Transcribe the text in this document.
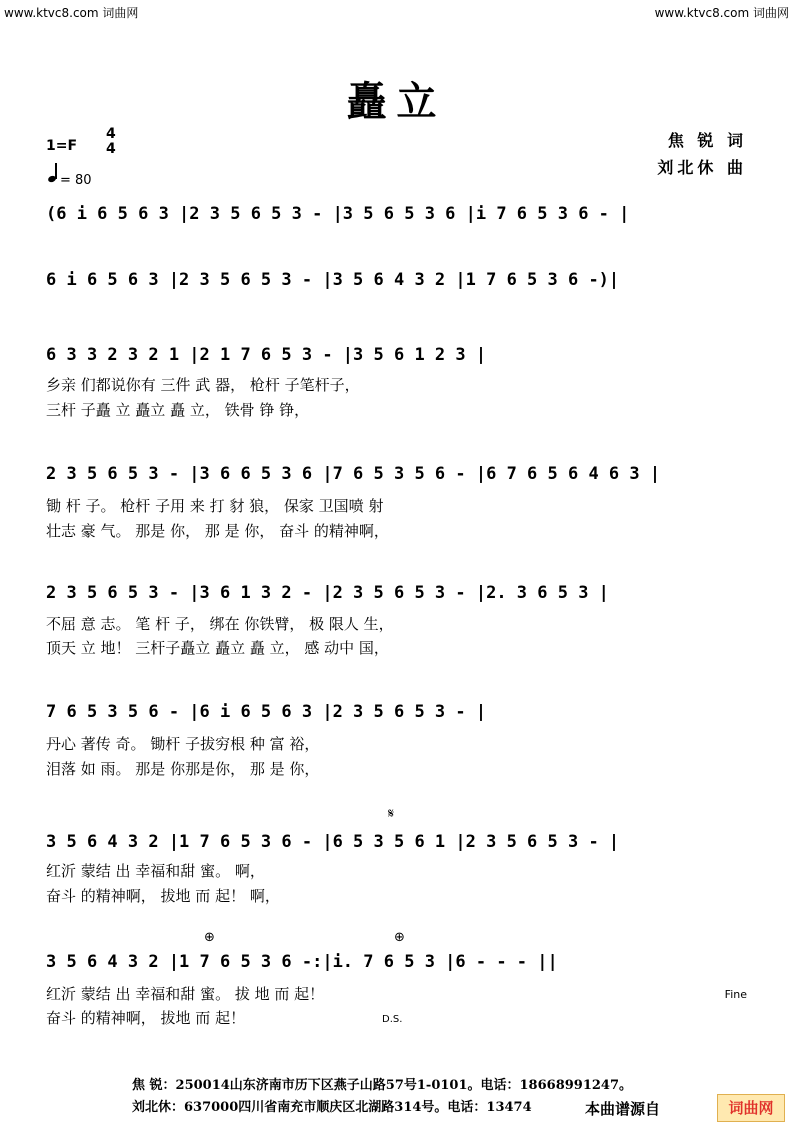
www.ktvc8.com 词曲网	www.ktvc8.com 词曲网
矗立
1=F
4
4
= 80
焦 锐 词
刘北休 曲
(6 i 6 5 6 3 |2 3 5 6 5 3 - |3 5 6 5 3 6 |i 7 6 5 3 6 - |
6 i 6 5 6 3 |2 3 5 6 5 3 - |3 5 6 4 3 2 |1 7 6 5 3 6 -)|
6 3 3 2 3 2 1 |2 1 7 6 5 3 - |3 5 6 1 2 3 |
乡亲 们都说你有 三件 武 器， 枪杆 子笔杆子，
三杆 子矗 立 矗立 矗 立， 铁骨 铮 铮，
2 3 5 6 5 3 - |3 6 6 5 3 6 |7 6 5 3 5 6 - |6 7 6 5 6 4 6 3 |
锄 杆 子。 枪杆 子用 来 打 豺 狼， 保家 卫国喷 射
壮志 豪 气。 那是 你， 那 是 你， 奋斗 的精神啊，
2 3 5 6 5 3 - |3 6 1 3 2 - |2 3 5 6 5 3 - |2. 3 6 5 3 |
不屈 意 志。 笔 杆 子， 绑在 你铁臂， 极 限人 生，
顶天 立 地！ 三杆子矗立 矗立 矗 立， 感 动中 国，
7 6 5 3 5 6 - |6 i 6 5 6 3 |2 3 5 6 5 3 - |
丹心 著传 奇。 锄杆 子拔穷根 种 富 裕，
泪落 如 雨。 那是 你那是你， 那 是 你，
𝄋
3 5 6 4 3 2 |1 7 6 5 3 6 - |6 5 3 5 6 1 |2 3 5 6 5 3 - |
红沂 蒙结 出 幸福和甜 蜜。 啊，
奋斗 的精神啊， 拔地 而 起！ 啊，
⊕	⊕
3 5 6 4 3 2 |1 7 6 5 3 6 -:|i. 7 6 5 3 |6 - - - ||
红沂 蒙结 出 幸福和甜 蜜。 拔 地 而 起！
奋斗 的精神啊， 拔地 而 起！
Fine
D.S.
焦 锐：250014山东济南市历下区燕子山路57号1-0101。电话：18668991247。
刘北休：637000四川省南充市顺庆区北湖路314号。电话：13474	本曲谱源自	词曲网
